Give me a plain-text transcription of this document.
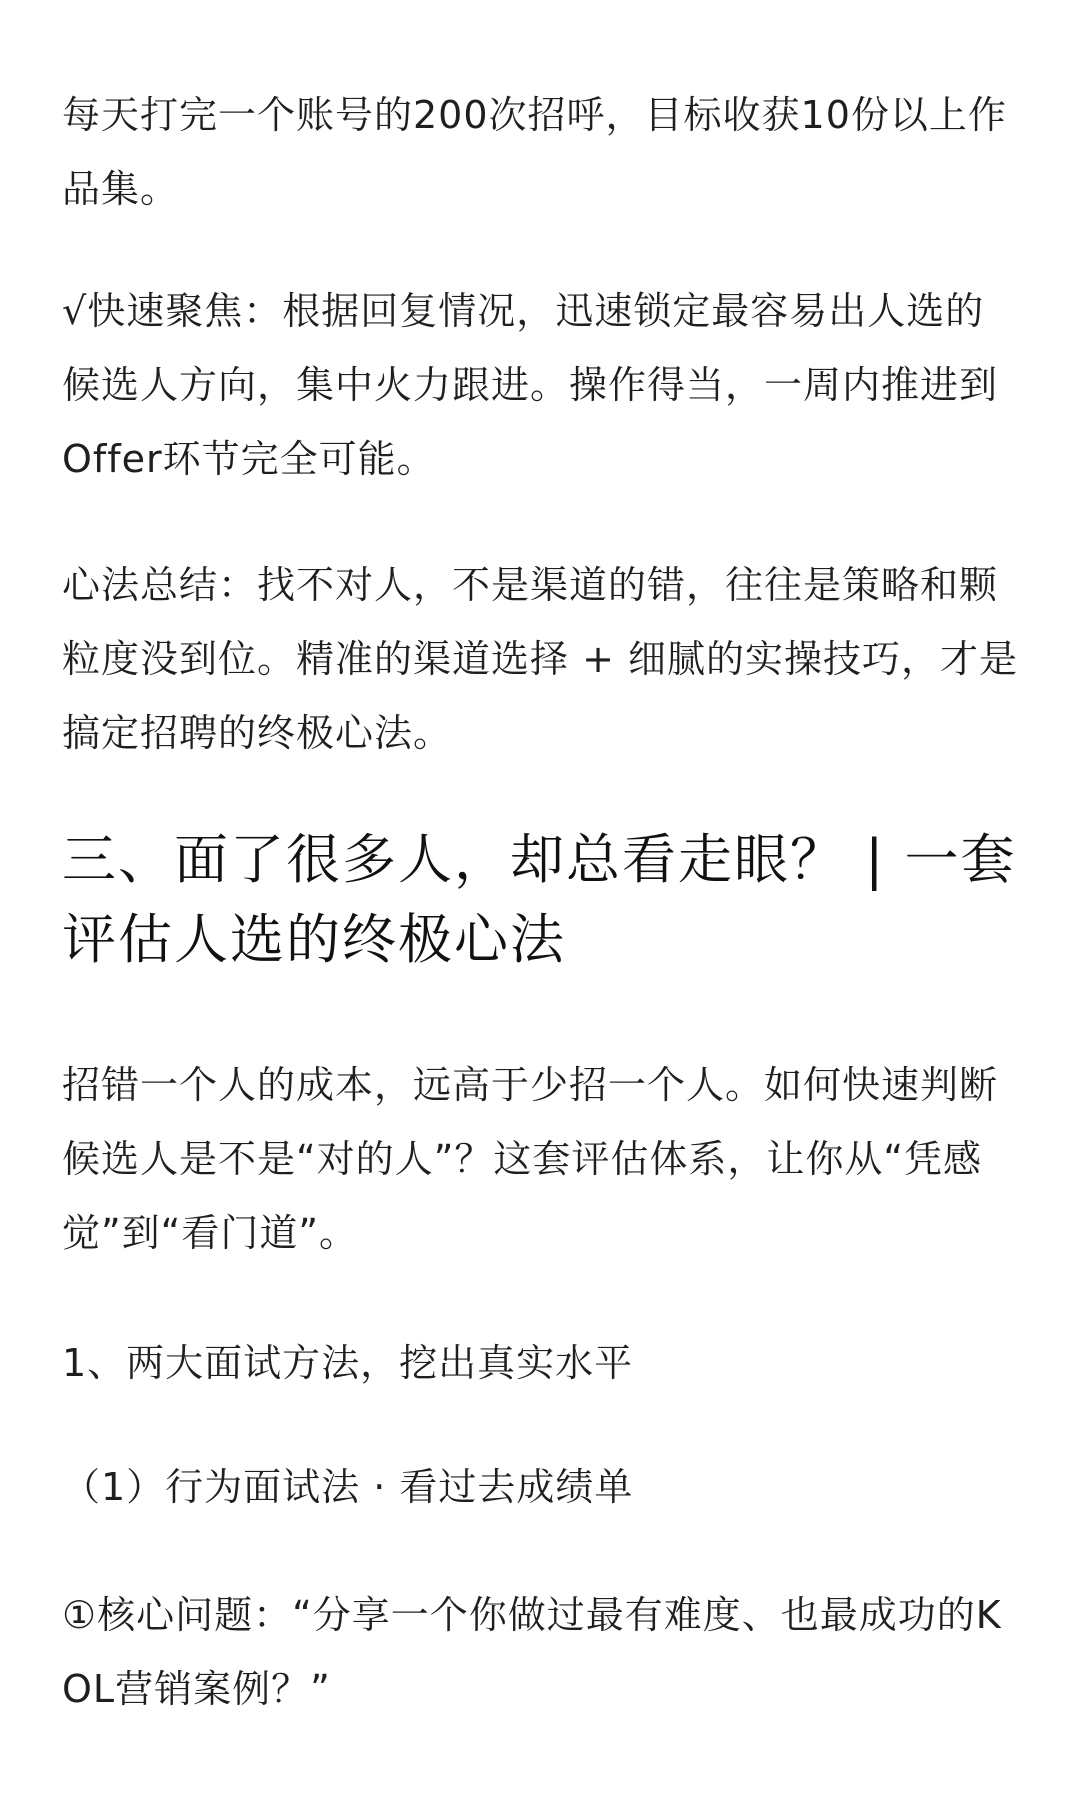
每天打完一个账号的200次招呼，目标收获10份以上作品集。

√快速聚焦：根据回复情况，迅速锁定最容易出人选的候选人方向，集中火力跟进。操作得当，一周内推进到Offer环节完全可能。

心法总结：找不对人，不是渠道的错，往往是策略和颗粒度没到位。精准的渠道选择 + 细腻的实操技巧，才是搞定招聘的终极心法。

三、面了很多人，却总看走眼？ | 一套评估人选的终极心法

招错一个人的成本，远高于少招一个人。如何快速判断候选人是不是“对的人”？这套评估体系，让你从“凭感觉”到“看门道”。

1、两大面试方法，挖出真实水平

（1）行为面试法 · 看过去成绩单

①核心问题：“分享一个你做过最有难度、也最成功的KOL营销案例？”
